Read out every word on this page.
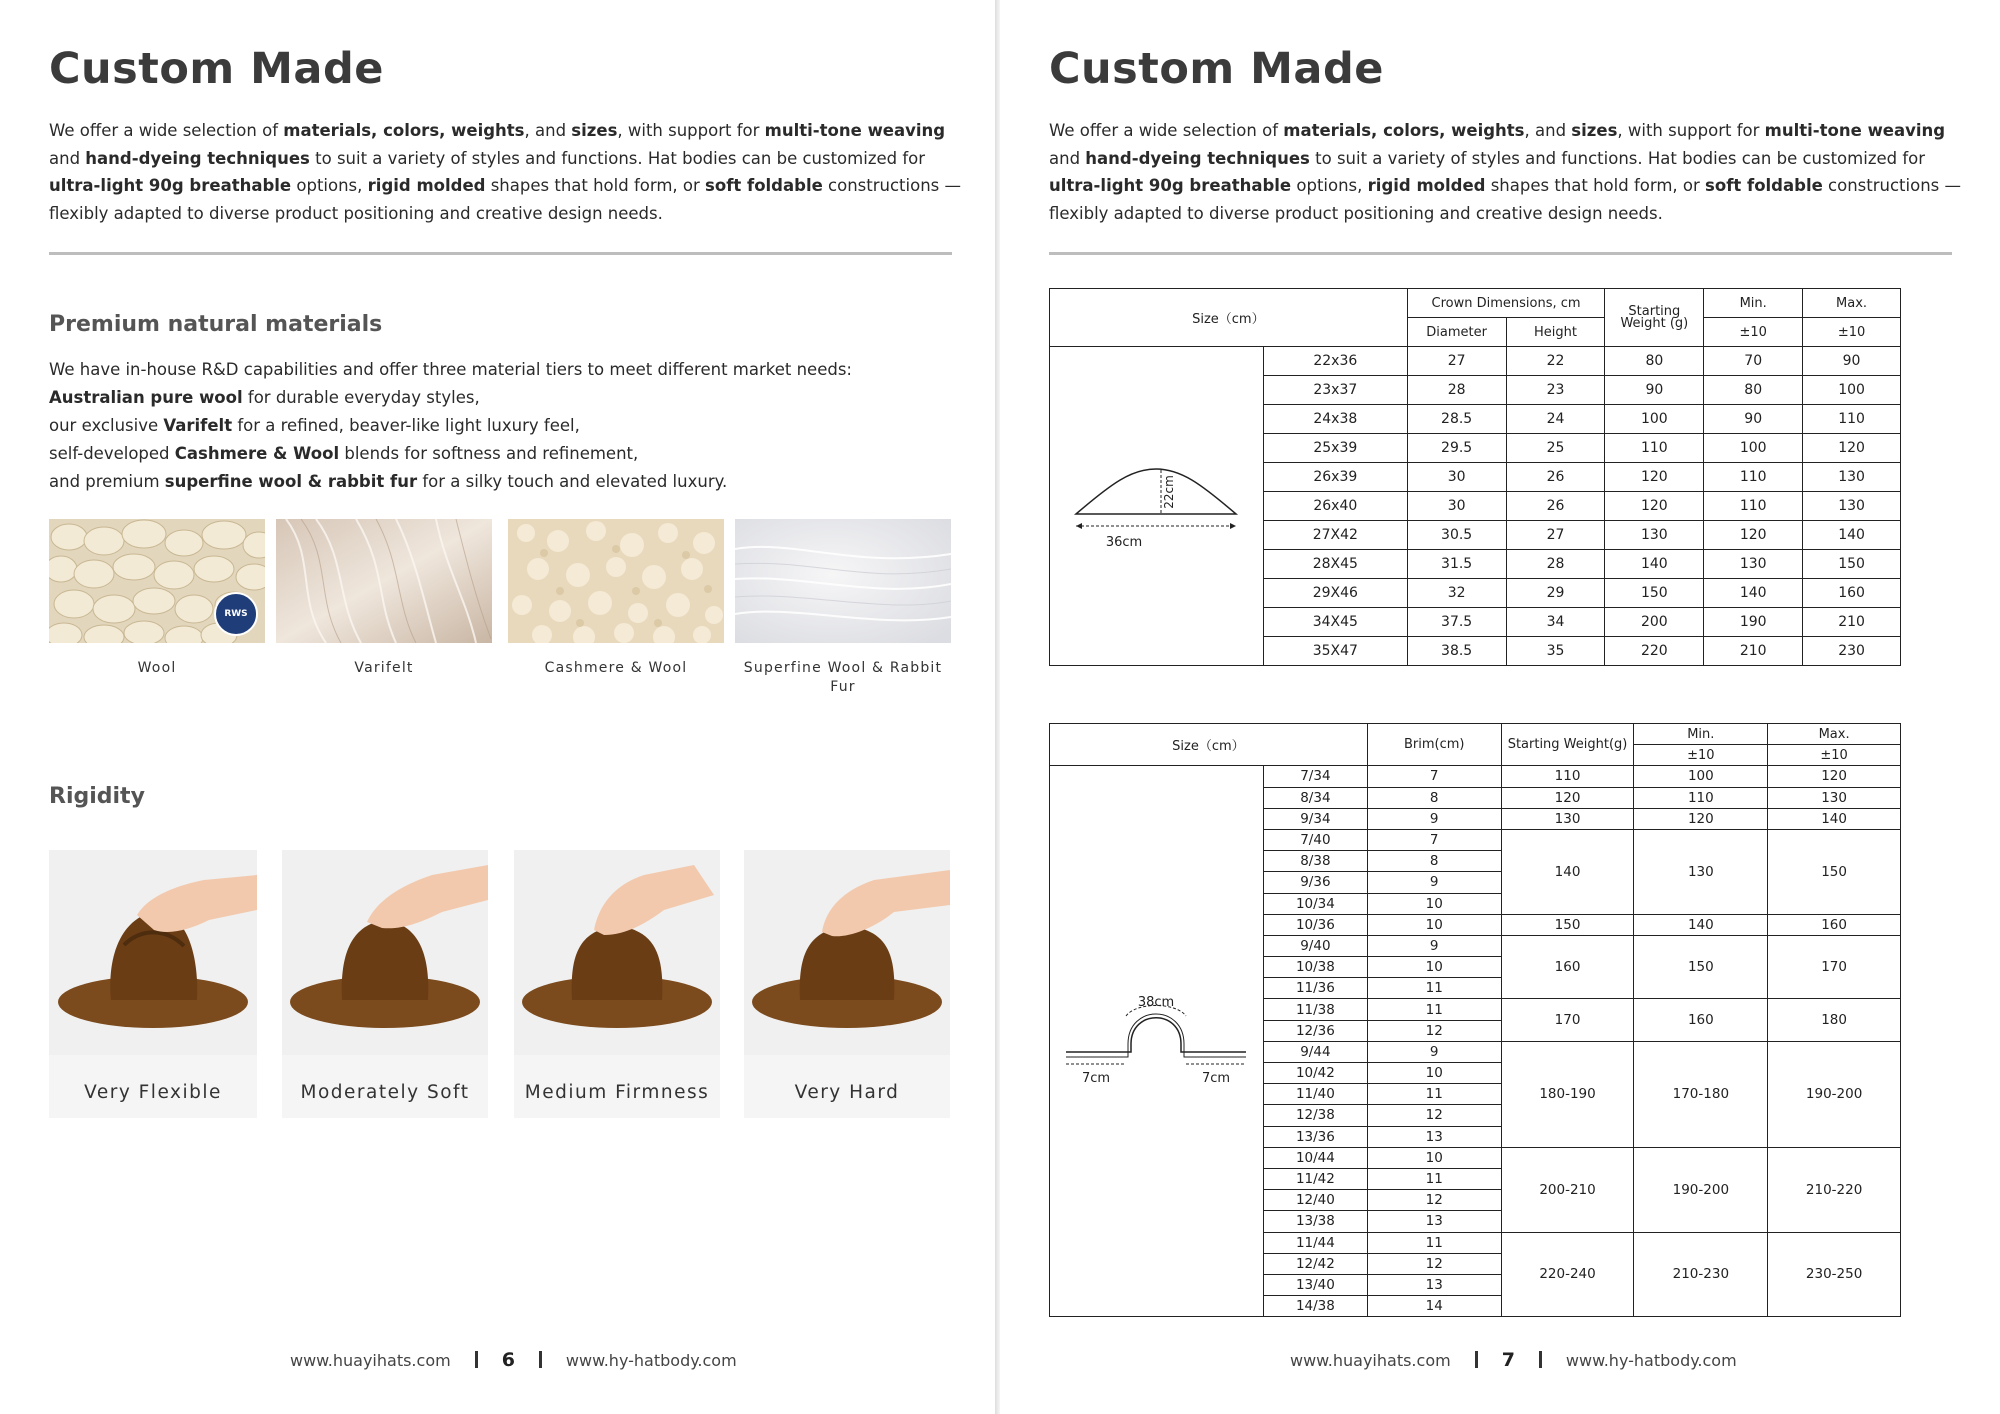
Custom Made

We offer a wide selection of materials, colors, weights, and sizes, with support for multi-tone weaving and hand-dyeing techniques to suit a variety of styles and functions. Hat bodies can be customized for ultra-light 90g breathable options, rigid molded shapes that hold form, or soft foldable constructions — flexibly adapted to diverse product positioning and creative design needs.

Premium natural materials

We have in-house R&D capabilities and offer three material tiers to meet different market needs:
Australian pure wool for durable everyday styles,
our exclusive Varifelt for a refined, beaver-like light luxury feel,
self-developed Cashmere & Wool blends for softness and refinement,
and premium superfine wool & rabbit fur for a silky touch and elevated luxury.

RWS
Wool	Varifelt	Cashmere & Wool	Superfine Wool & Rabbit Fur
Rigidity
Very Flexible	Moderately Soft	Medium Firmness	Very Hard
www.huayihats.com	6	www.hy-hatbody.com
Custom Made

We offer a wide selection of materials, colors, weights, and sizes, with support for multi-tone weaving and hand-dyeing techniques to suit a variety of styles and functions. Hat bodies can be customized for ultra-light 90g breathable options, rigid molded shapes that hold form, or soft foldable constructions — flexibly adapted to diverse product positioning and creative design needs.

Size（cm）		Crown Dimensions, cm		Starting Weight (g)	Min.	Max.
		Diameter	Height		±10	±10

22cm
36cm	22x36	27	22	80	70	90
	23x37	28	23	90	80	100
	24x38	28.5	24	100	90	110
	25x39	29.5	25	110	100	120
	26x39	30	26	120	110	130
	26x40	30	26	120	110	130
	27X42	30.5	27	130	120	140
	28X45	31.5	28	140	130	150
	29X46	32	29	150	140	160
	34X45	37.5	34	200	190	210
	35X47	38.5	35	220	210	230
Size（cm）		Brim(cm)	Starting Weight(g)	Min.	Max.
				±10	±10

38cm
7cm 7cm	7/34	7	110	100	120
	8/34	8	120	110	130
	9/34	9	130	120	140
	7/40	7	140	130	150
	8/38	8			
	9/36	9			
	10/34	10			
	10/36	10	150	140	160
	9/40	9	160	150	170
	10/38	10			
	11/36	11			
	11/38	11	170	160	180
	12/36	12			
	9/44	9	180-190	170-180	190-200
	10/42	10			
	11/40	11			
	12/38	12			
	13/36	13			
	10/44	10	200-210	190-200	210-220
	11/42	11			
	12/40	12			
	13/38	13			
	11/44	11	220-240	210-230	230-250
	12/42	12			
	13/40	13			
	14/38	14			
www.huayihats.com	7	www.hy-hatbody.com
